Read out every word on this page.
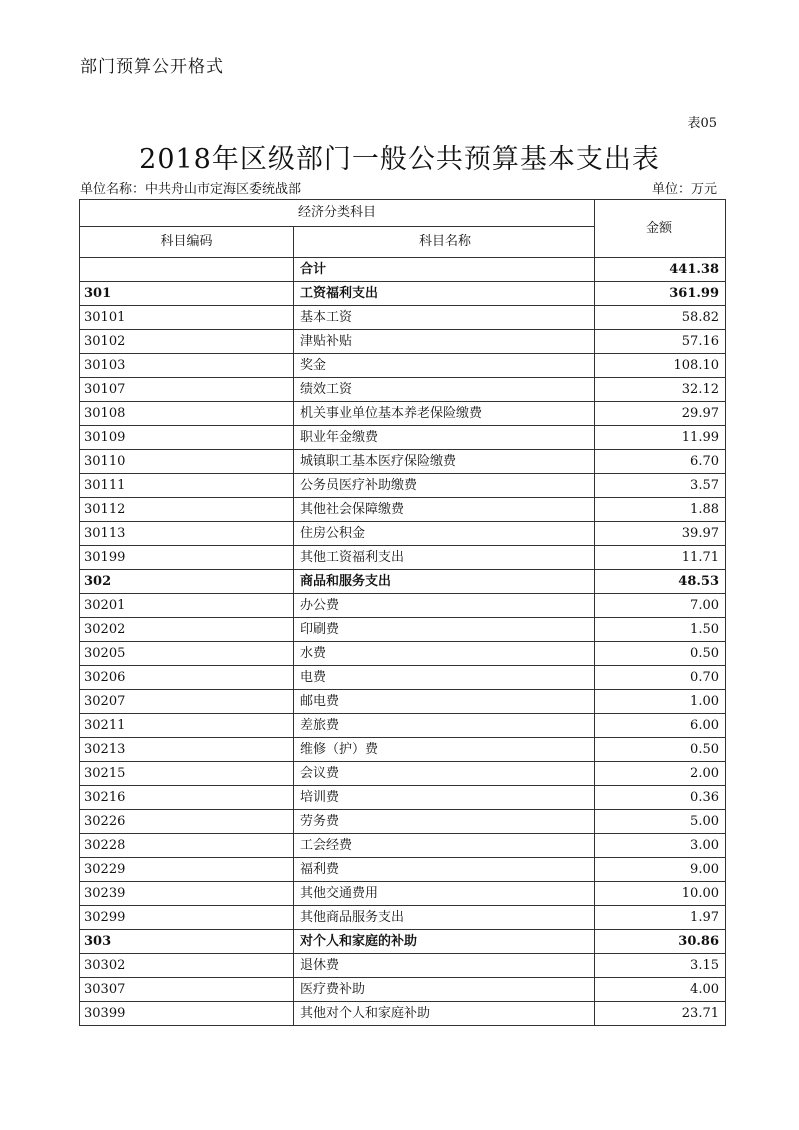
部门预算公开格式
表05
2018年区级部门一般公共预算基本支出表
单位名称：中共舟山市定海区委统战部	单位：万元
经济分类科目		金额
科目编码	科目名称	
	合计	441.38
301	工资福利支出	361.99
30101	基本工资	58.82
30102	津贴补贴	57.16
30103	奖金	108.10
30107	绩效工资	32.12
30108	机关事业单位基本养老保险缴费	29.97
30109	职业年金缴费	11.99
30110	城镇职工基本医疗保险缴费	6.70
30111	公务员医疗补助缴费	3.57
30112	其他社会保障缴费	1.88
30113	住房公积金	39.97
30199	其他工资福利支出	11.71
302	商品和服务支出	48.53
30201	办公费	7.00
30202	印刷费	1.50
30205	水费	0.50
30206	电费	0.70
30207	邮电费	1.00
30211	差旅费	6.00
30213	维修（护）费	0.50
30215	会议费	2.00
30216	培训费	0.36
30226	劳务费	5.00
30228	工会经费	3.00
30229	福利费	9.00
30239	其他交通费用	10.00
30299	其他商品服务支出	1.97
303	对个人和家庭的补助	30.86
30302	退休费	3.15
30307	医疗费补助	4.00
30399	其他对个人和家庭补助	23.71
